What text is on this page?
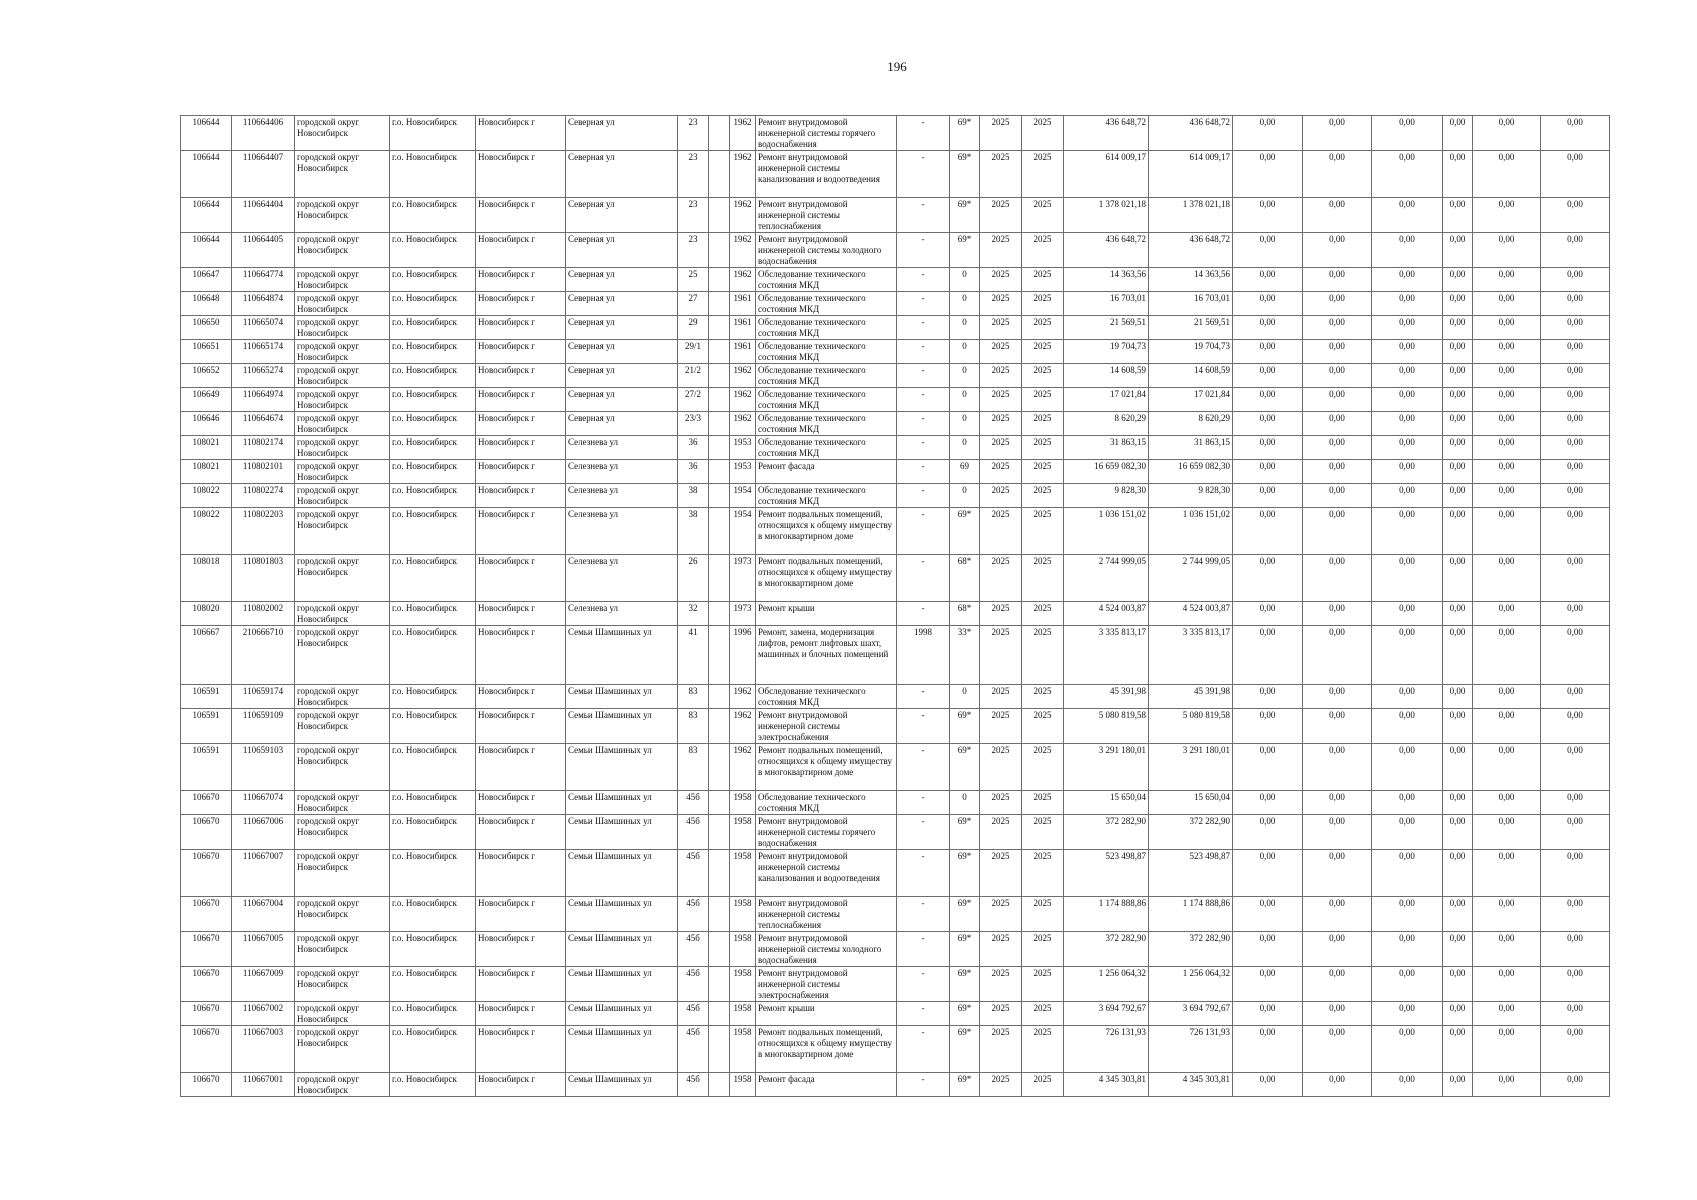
196
106644	110664406	городской округ Новосибирск	г.о. Новосибирск	Новосибирск г	Северная ул	23		1962	Ремонт внутридомовой инженерной системы горячего водоснабжения	-	69*	2025	2025	436 648,72	436 648,72	0,00	0,00	0,00	0,00	0,00	0,00
106644	110664407	городской округ Новосибирск	г.о. Новосибирск	Новосибирск г	Северная ул	23		1962	Ремонт внутридомовой инженерной системы канализования и водоотведения	-	69*	2025	2025	614 009,17	614 009,17	0,00	0,00	0,00	0,00	0,00	0,00
106644	110664404	городской округ Новосибирск	г.о. Новосибирск	Новосибирск г	Северная ул	23		1962	Ремонт внутридомовой инженерной системы теплоснабжения	-	69*	2025	2025	1 378 021,18	1 378 021,18	0,00	0,00	0,00	0,00	0,00	0,00
106644	110664405	городской округ Новосибирск	г.о. Новосибирск	Новосибирск г	Северная ул	23		1962	Ремонт внутридомовой инженерной системы холодного водоснабжения	-	69*	2025	2025	436 648,72	436 648,72	0,00	0,00	0,00	0,00	0,00	0,00
106647	110664774	городской округ Новосибирск	г.о. Новосибирск	Новосибирск г	Северная ул	25		1962	Обследование технического состояния МКД	-	0	2025	2025	14 363,56	14 363,56	0,00	0,00	0,00	0,00	0,00	0,00
106648	110664874	городской округ Новосибирск	г.о. Новосибирск	Новосибирск г	Северная ул	27		1961	Обследование технического состояния МКД	-	0	2025	2025	16 703,01	16 703,01	0,00	0,00	0,00	0,00	0,00	0,00
106650	110665074	городской округ Новосибирск	г.о. Новосибирск	Новосибирск г	Северная ул	29		1961	Обследование технического состояния МКД	-	0	2025	2025	21 569,51	21 569,51	0,00	0,00	0,00	0,00	0,00	0,00
106651	110665174	городской округ Новосибирск	г.о. Новосибирск	Новосибирск г	Северная ул	29/1		1961	Обследование технического состояния МКД	-	0	2025	2025	19 704,73	19 704,73	0,00	0,00	0,00	0,00	0,00	0,00
106652	110665274	городской округ Новосибирск	г.о. Новосибирск	Новосибирск г	Северная ул	21/2		1962	Обследование технического состояния МКД	-	0	2025	2025	14 608,59	14 608,59	0,00	0,00	0,00	0,00	0,00	0,00
106649	110664974	городской округ Новосибирск	г.о. Новосибирск	Новосибирск г	Северная ул	27/2		1962	Обследование технического состояния МКД	-	0	2025	2025	17 021,84	17 021,84	0,00	0,00	0,00	0,00	0,00	0,00
106646	110664674	городской округ Новосибирск	г.о. Новосибирск	Новосибирск г	Северная ул	23/3		1962	Обследование технического состояния МКД	-	0	2025	2025	8 620,29	8 620,29	0,00	0,00	0,00	0,00	0,00	0,00
108021	110802174	городской округ Новосибирск	г.о. Новосибирск	Новосибирск г	Селезнева ул	36		1953	Обследование технического состояния МКД	-	0	2025	2025	31 863,15	31 863,15	0,00	0,00	0,00	0,00	0,00	0,00
108021	110802101	городской округ Новосибирск	г.о. Новосибирск	Новосибирск г	Селезнева ул	36		1953	Ремонт фасада	-	69	2025	2025	16 659 082,30	16 659 082,30	0,00	0,00	0,00	0,00	0,00	0,00
108022	110802274	городской округ Новосибирск	г.о. Новосибирск	Новосибирск г	Селезнева ул	38		1954	Обследование технического состояния МКД	-	0	2025	2025	9 828,30	9 828,30	0,00	0,00	0,00	0,00	0,00	0,00
108022	110802203	городской округ Новосибирск	г.о. Новосибирск	Новосибирск г	Селезнева ул	38		1954	Ремонт подвальных помещений, относящихся к общему имуществу в многоквартирном доме	-	69*	2025	2025	1 036 151,02	1 036 151,02	0,00	0,00	0,00	0,00	0,00	0,00
108018	110801803	городской округ Новосибирск	г.о. Новосибирск	Новосибирск г	Селезнева ул	26		1973	Ремонт подвальных помещений, относящихся к общему имуществу в многоквартирном доме	-	68*	2025	2025	2 744 999,05	2 744 999,05	0,00	0,00	0,00	0,00	0,00	0,00
108020	110802002	городской округ Новосибирск	г.о. Новосибирск	Новосибирск г	Селезнева ул	32		1973	Ремонт крыши	-	68*	2025	2025	4 524 003,87	4 524 003,87	0,00	0,00	0,00	0,00	0,00	0,00
106667	210666710	городской округ Новосибирск	г.о. Новосибирск	Новосибирск г	Семьи Шамшиных ул	41		1996	Ремонт, замена, модернизация лифтов, ремонт лифтовых шахт, машинных и блочных помещений	1998	33*	2025	2025	3 335 813,17	3 335 813,17	0,00	0,00	0,00	0,00	0,00	0,00
106591	110659174	городской округ Новосибирск	г.о. Новосибирск	Новосибирск г	Семьи Шамшиных ул	83		1962	Обследование технического состояния МКД	-	0	2025	2025	45 391,98	45 391,98	0,00	0,00	0,00	0,00	0,00	0,00
106591	110659109	городской округ Новосибирск	г.о. Новосибирск	Новосибирск г	Семьи Шамшиных ул	83		1962	Ремонт внутридомовой инженерной системы электроснабжения	-	69*	2025	2025	5 080 819,58	5 080 819,58	0,00	0,00	0,00	0,00	0,00	0,00
106591	110659103	городской округ Новосибирск	г.о. Новосибирск	Новосибирск г	Семьи Шамшиных ул	83		1962	Ремонт подвальных помещений, относящихся к общему имуществу в многоквартирном доме	-	69*	2025	2025	3 291 180,01	3 291 180,01	0,00	0,00	0,00	0,00	0,00	0,00
106670	110667074	городской округ Новосибирск	г.о. Новосибирск	Новосибирск г	Семьи Шамшиных ул	45б		1958	Обследование технического состояния МКД	-	0	2025	2025	15 650,04	15 650,04	0,00	0,00	0,00	0,00	0,00	0,00
106670	110667006	городской округ Новосибирск	г.о. Новосибирск	Новосибирск г	Семьи Шамшиных ул	45б		1958	Ремонт внутридомовой инженерной системы горячего водоснабжения	-	69*	2025	2025	372 282,90	372 282,90	0,00	0,00	0,00	0,00	0,00	0,00
106670	110667007	городской округ Новосибирск	г.о. Новосибирск	Новосибирск г	Семьи Шамшиных ул	45б		1958	Ремонт внутридомовой инженерной системы канализования и водоотведения	-	69*	2025	2025	523 498,87	523 498,87	0,00	0,00	0,00	0,00	0,00	0,00
106670	110667004	городской округ Новосибирск	г.о. Новосибирск	Новосибирск г	Семьи Шамшиных ул	45б		1958	Ремонт внутридомовой инженерной системы теплоснабжения	-	69*	2025	2025	1 174 888,86	1 174 888,86	0,00	0,00	0,00	0,00	0,00	0,00
106670	110667005	городской округ Новосибирск	г.о. Новосибирск	Новосибирск г	Семьи Шамшиных ул	45б		1958	Ремонт внутридомовой инженерной системы холодного водоснабжения	-	69*	2025	2025	372 282,90	372 282,90	0,00	0,00	0,00	0,00	0,00	0,00
106670	110667009	городской округ Новосибирск	г.о. Новосибирск	Новосибирск г	Семьи Шамшиных ул	45б		1958	Ремонт внутридомовой инженерной системы электроснабжения	-	69*	2025	2025	1 256 064,32	1 256 064,32	0,00	0,00	0,00	0,00	0,00	0,00
106670	110667002	городской округ Новосибирск	г.о. Новосибирск	Новосибирск г	Семьи Шамшиных ул	45б		1958	Ремонт крыши	-	69*	2025	2025	3 694 792,67	3 694 792,67	0,00	0,00	0,00	0,00	0,00	0,00
106670	110667003	городской округ Новосибирск	г.о. Новосибирск	Новосибирск г	Семьи Шамшиных ул	45б		1958	Ремонт подвальных помещений, относящихся к общему имуществу в многоквартирном доме	-	69*	2025	2025	726 131,93	726 131,93	0,00	0,00	0,00	0,00	0,00	0,00
106670	110667001	городской округ Новосибирск	г.о. Новосибирск	Новосибирск г	Семьи Шамшиных ул	45б		1958	Ремонт фасада	-	69*	2025	2025	4 345 303,81	4 345 303,81	0,00	0,00	0,00	0,00	0,00	0,00
